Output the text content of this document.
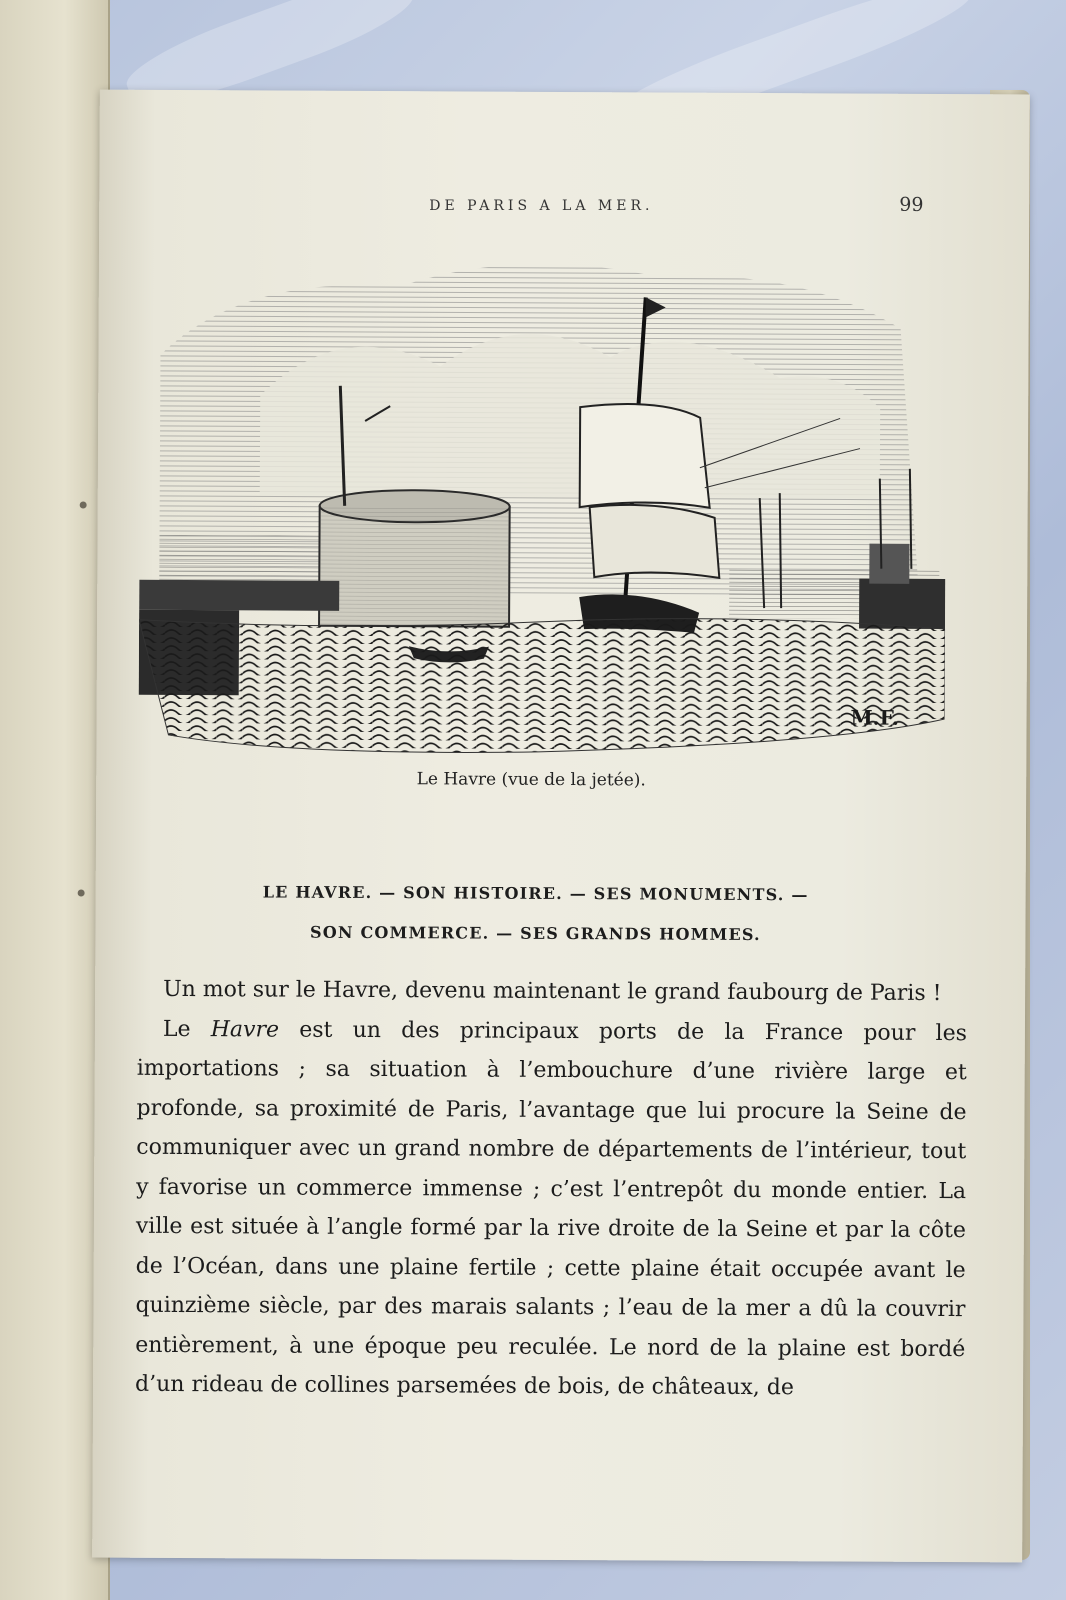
DE PARIS A LA MER.	99
M.F.
Le Havre (vue de la jetée).
LE HAVRE. — SON HISTOIRE. — SES MONUMENTS. —
SON COMMERCE. — SES GRANDS HOMMES.

Un mot sur le Havre, devenu maintenant le grand faubourg de Paris !

Le Havre est un des principaux ports de la France pour les importations ; sa situation à l’embouchure d’une rivière large et profonde, sa proximité de Paris, l’avantage que lui procure la Seine de communiquer avec un grand nombre de départements de l’intérieur, tout y favorise un commerce immense ; c’est l’entrepôt du monde entier. La ville est située à l’angle formé par la rive droite de la Seine et par la côte de l’Océan, dans une plaine fertile ; cette plaine était occupée avant le quinzième siècle, par des marais salants ; l’eau de la mer a dû la couvrir entièrement, à une époque peu reculée. Le nord de la plaine est bordé d’un rideau de collines parsemées de bois, de châteaux, de
